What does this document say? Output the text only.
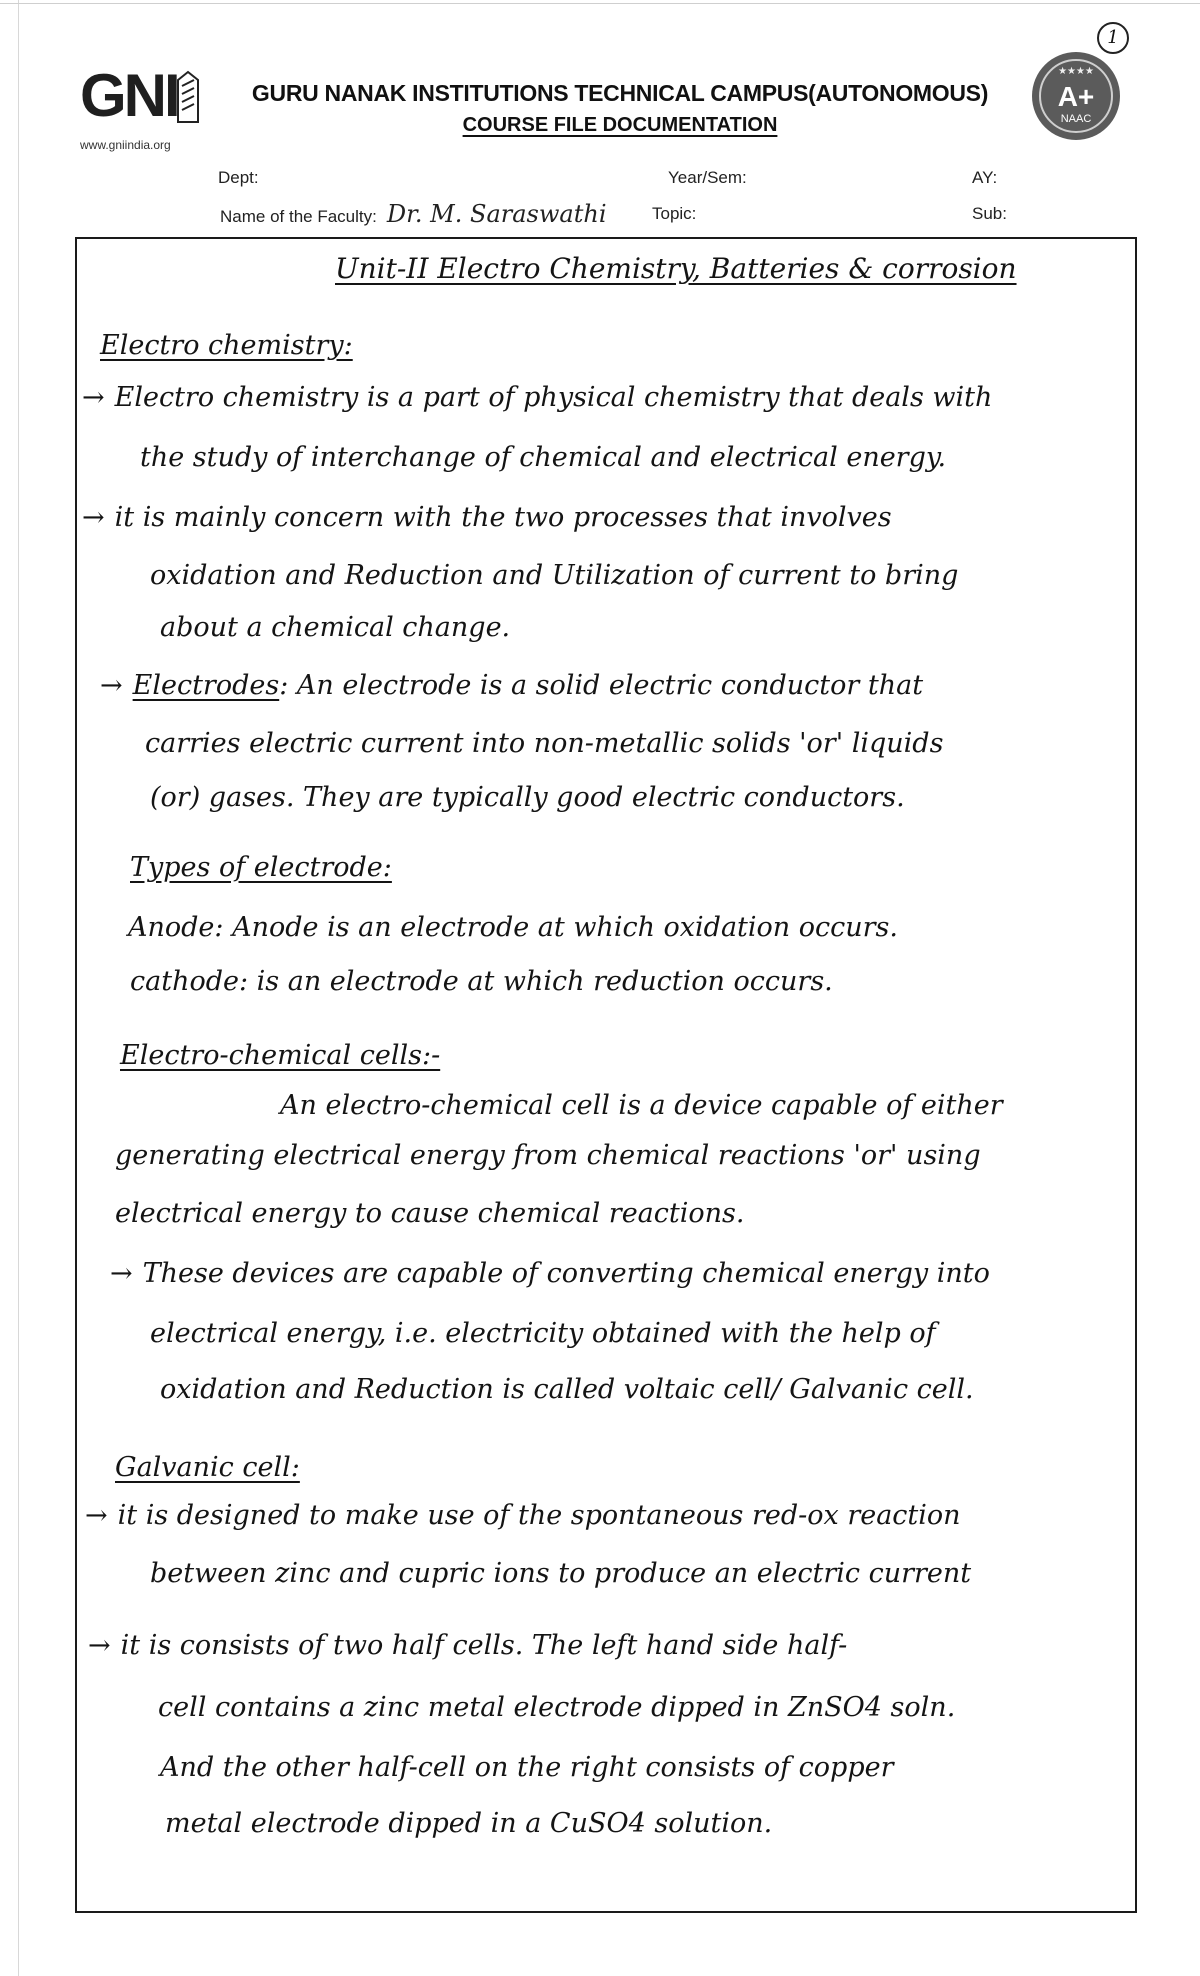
1
GNI
www.gniindia.org
GURU NANAK INSTITUTIONS TECHNICAL CAMPUS(AUTONOMOUS)
COURSE FILE DOCUMENTATION
★★★★
A+
NAAC
Dept:	Year/Sem:	AY:
Name of the Faculty: Dr. M. Saraswathi	Topic:	Sub:
Unit-II Electro Chemistry, Batteries & corrosion
Electro chemistry:
→ Electro chemistry is a part of physical chemistry that deals with
the study of interchange of chemical and electrical energy.
→ it is mainly concern with the two processes that involves
oxidation and Reduction and Utilization of current to bring
about a chemical change.
→ Electrodes: An electrode is a solid electric conductor that
carries electric current into non-metallic solids 'or' liquids
(or) gases. They are typically good electric conductors.
Types of electrode:
Anode: Anode is an electrode at which oxidation occurs.
cathode: is an electrode at which reduction occurs.
Electro-chemical cells:-
An electro-chemical cell is a device capable of either
generating electrical energy from chemical reactions 'or' using
electrical energy to cause chemical reactions.
→ These devices are capable of converting chemical energy into
electrical energy, i.e. electricity obtained with the help of
oxidation and Reduction is called voltaic cell/ Galvanic cell.
Galvanic cell:
→ it is designed to make use of the spontaneous red-ox reaction
between zinc and cupric ions to produce an electric current
→ it is consists of two half cells. The left hand side half-
cell contains a zinc metal electrode dipped in ZnSO4 soln.
And the other half-cell on the right consists of copper
metal electrode dipped in a CuSO4 solution.
